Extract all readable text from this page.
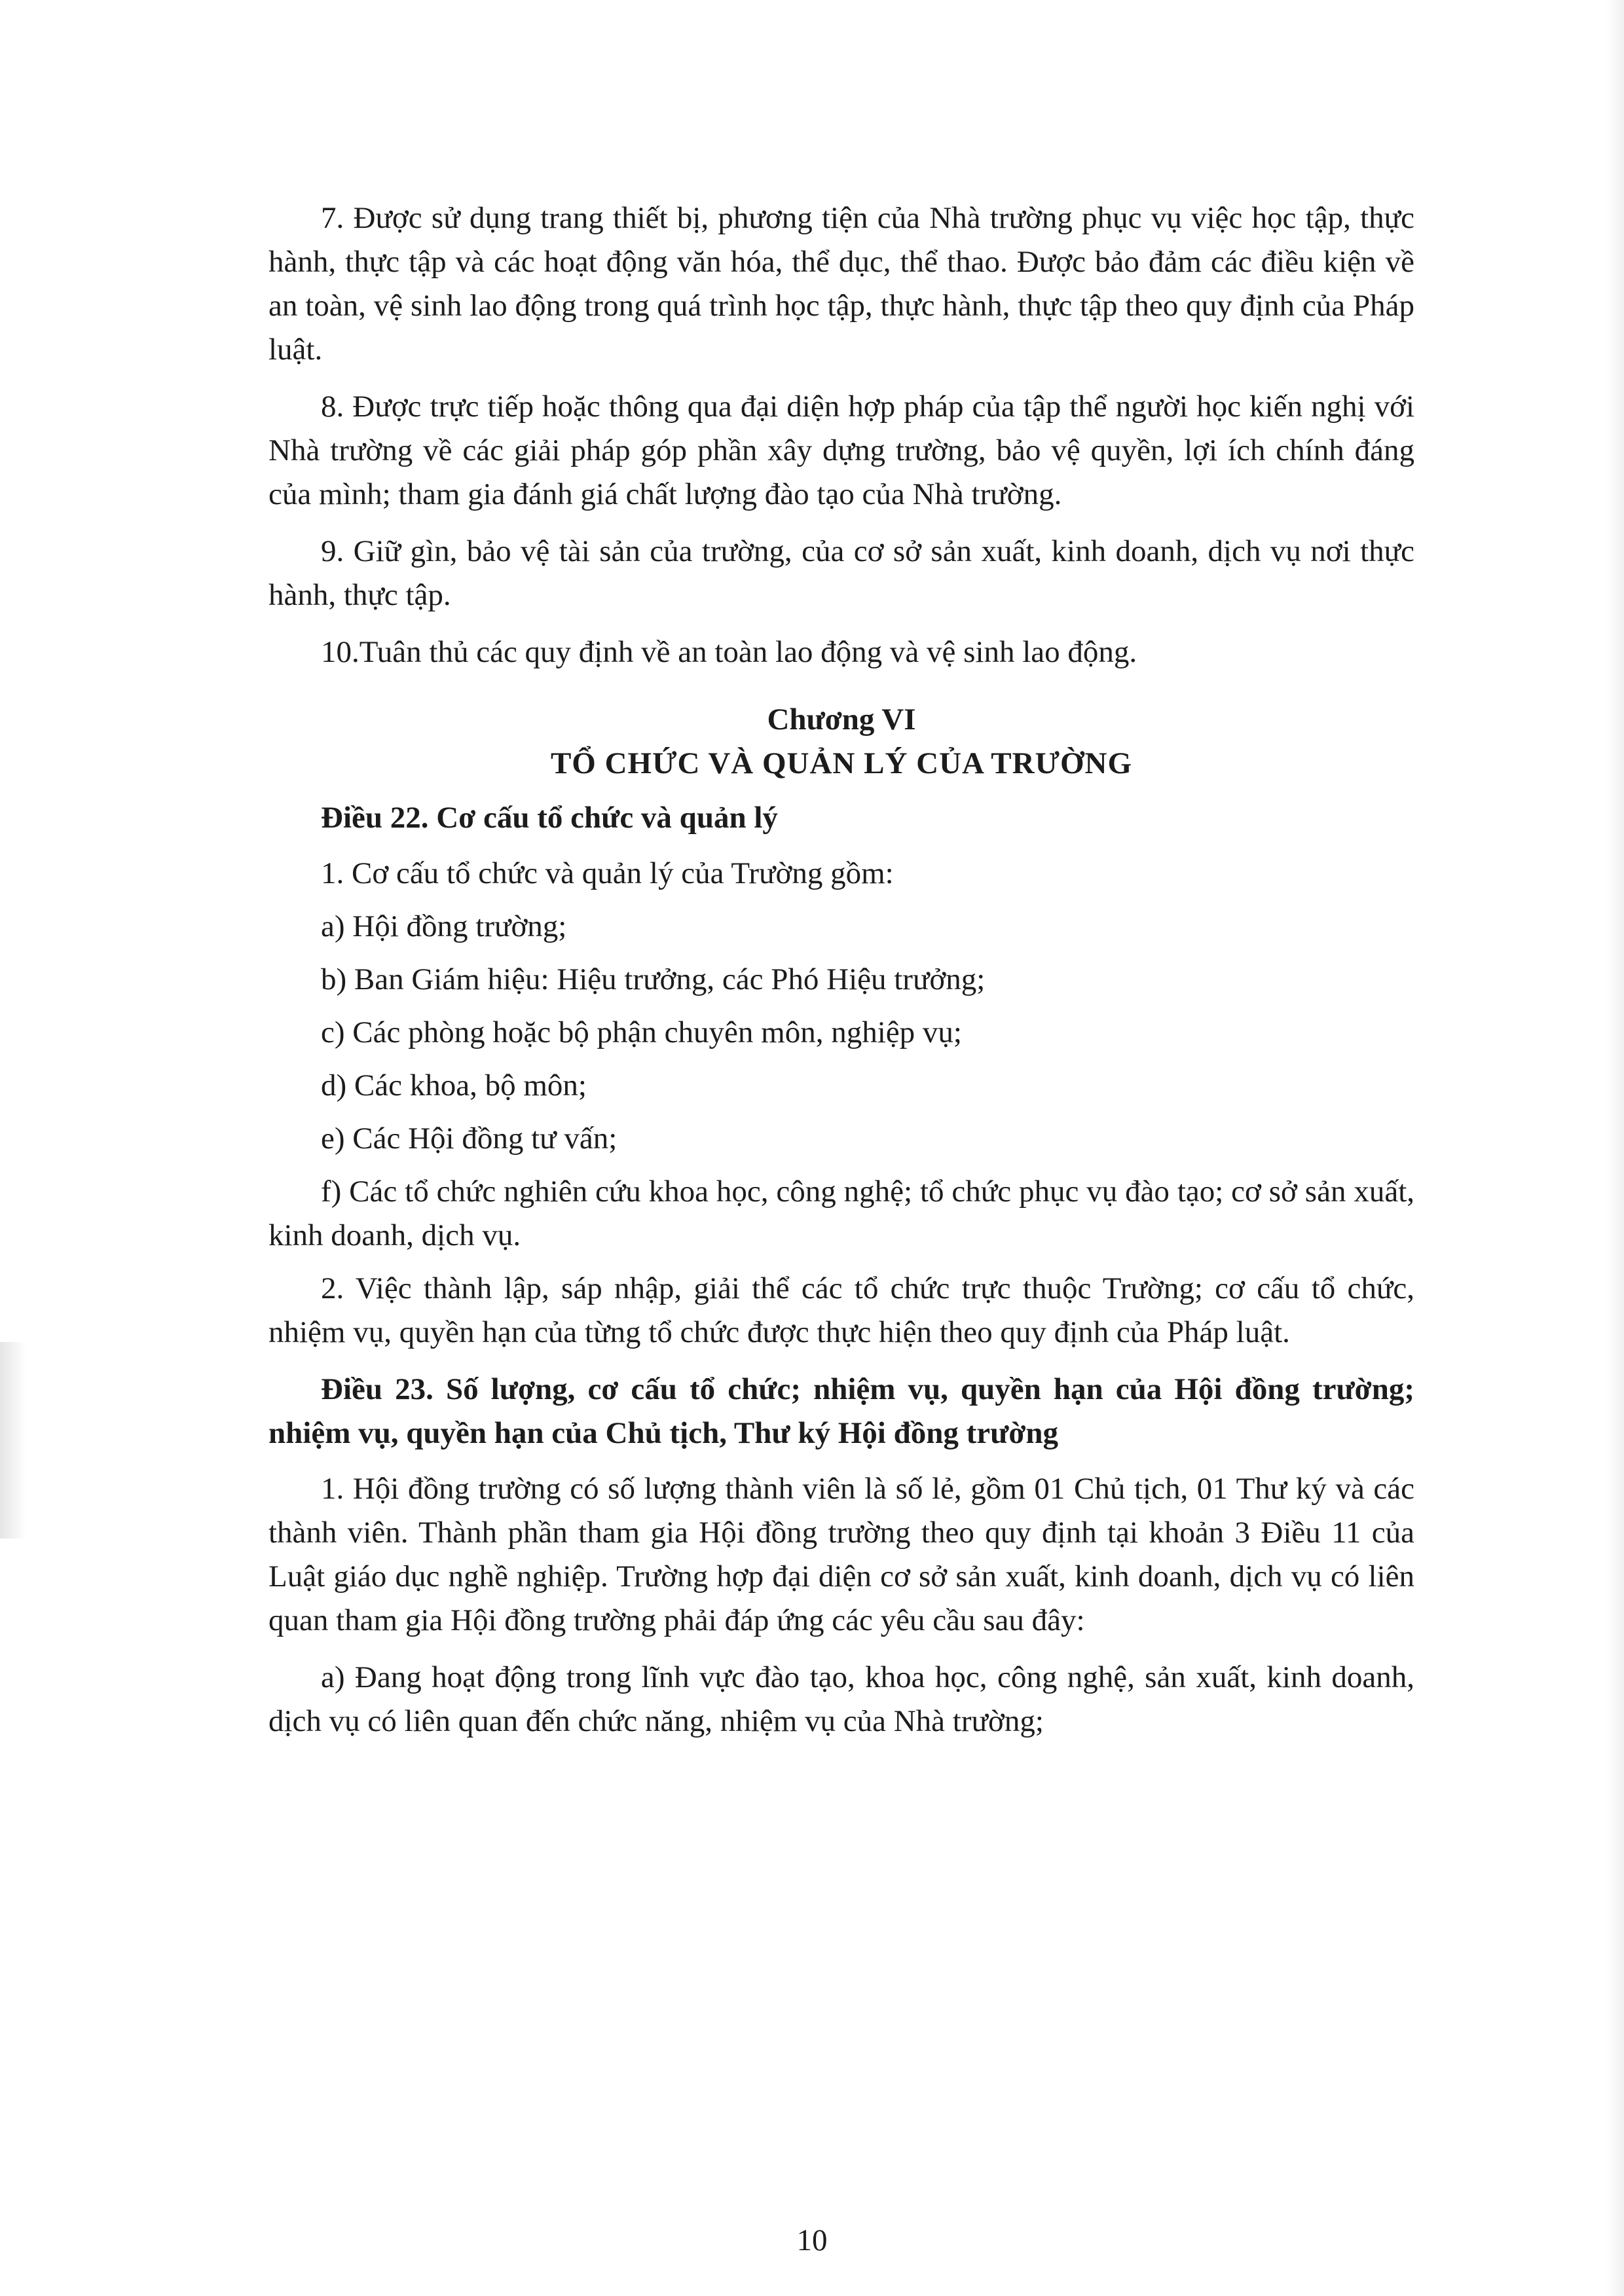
7. Được sử dụng trang thiết bị, phương tiện của Nhà trường phục vụ việc học tập, thực hành, thực tập và các hoạt động văn hóa, thể dục, thể thao. Được bảo đảm các điều kiện về an toàn, vệ sinh lao động trong quá trình học tập, thực hành, thực tập theo quy định của Pháp luật.

8. Được trực tiếp hoặc thông qua đại diện hợp pháp của tập thể người học kiến nghị với Nhà trường về các giải pháp góp phần xây dựng trường, bảo vệ quyền, lợi ích chính đáng của mình; tham gia đánh giá chất lượng đào tạo của Nhà trường.

9. Giữ gìn, bảo vệ tài sản của trường, của cơ sở sản xuất, kinh doanh, dịch vụ nơi thực hành, thực tập.

10.Tuân thủ các quy định về an toàn lao động và vệ sinh lao động.

Chương VI

TỔ CHỨC VÀ QUẢN LÝ CỦA TRƯỜNG

Điều 22. Cơ cấu tổ chức và quản lý

1. Cơ cấu tổ chức và quản lý của Trường gồm:

a) Hội đồng trường;

b) Ban Giám hiệu: Hiệu trưởng, các Phó Hiệu trưởng;

c) Các phòng hoặc bộ phận chuyên môn, nghiệp vụ;

d) Các khoa, bộ môn;

e) Các Hội đồng tư vấn;

f) Các tổ chức nghiên cứu khoa học, công nghệ; tổ chức phục vụ đào tạo; cơ sở sản xuất, kinh doanh, dịch vụ.

2. Việc thành lập, sáp nhập, giải thể các tổ chức trực thuộc Trường; cơ cấu tổ chức, nhiệm vụ, quyền hạn của từng tổ chức được thực hiện theo quy định của Pháp luật.

Điều 23. Số lượng, cơ cấu tổ chức; nhiệm vụ, quyền hạn của Hội đồng trường; nhiệm vụ, quyền hạn của Chủ tịch, Thư ký Hội đồng trường

1. Hội đồng trường có số lượng thành viên là số lẻ, gồm 01 Chủ tịch, 01 Thư ký và các thành viên. Thành phần tham gia Hội đồng trường theo quy định tại khoản 3 Điều 11 của Luật giáo dục nghề nghiệp. Trường hợp đại diện cơ sở sản xuất, kinh doanh, dịch vụ có liên quan tham gia Hội đồng trường phải đáp ứng các yêu cầu sau đây:

a) Đang hoạt động trong lĩnh vực đào tạo, khoa học, công nghệ, sản xuất, kinh doanh, dịch vụ có liên quan đến chức năng, nhiệm vụ của Nhà trường;

10
